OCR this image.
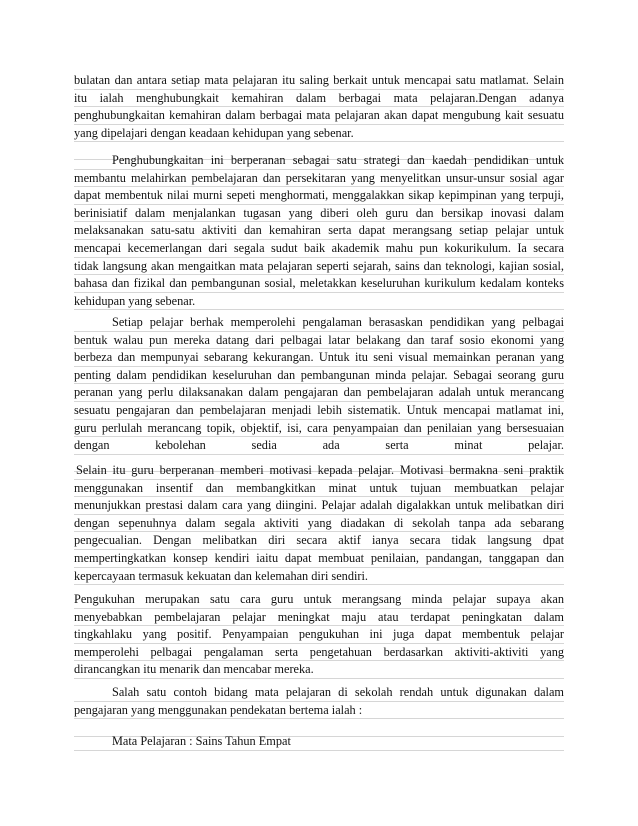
bulatan dan antara setiap mata pelajaran itu saling berkait untuk mencapai satu matlamat. Selain
itu ialah menghubungkait kemahiran dalam berbagai mata pelajaran.Dengan adanya
penghubungkaitan kemahiran dalam berbagai mata pelajaran akan dapat mengubung kait sesuatu
yang dipelajari dengan keadaan kehidupan yang sebenar.
Penghubungkaitan ini berperanan sebagai satu strategi dan kaedah pendidikan untuk
membantu melahirkan pembelajaran dan persekitaran yang menyelitkan unsur-unsur sosial agar
dapat membentuk nilai murni sepeti menghormati, menggalakkan sikap kepimpinan yang terpuji,
berinisiatif dalam menjalankan tugasan yang diberi oleh guru dan bersikap inovasi dalam
melaksanakan satu-satu aktiviti dan kemahiran serta dapat merangsang setiap pelajar untuk
mencapai kecemerlangan dari segala sudut baik akademik mahu pun kokurikulum. Ia secara
tidak langsung akan mengaitkan mata pelajaran seperti sejarah, sains dan teknologi, kajian sosial,
bahasa dan fizikal dan pembangunan sosial, meletakkan keseluruhan kurikulum kedalam konteks
kehidupan yang sebenar.
Setiap pelajar berhak memperolehi pengalaman berasaskan pendidikan yang pelbagai
bentuk walau pun mereka datang dari pelbagai latar belakang dan taraf sosio ekonomi yang
berbeza dan mempunyai sebarang kekurangan. Untuk itu seni visual memainkan peranan yang
penting dalam pendidikan keseluruhan dan pembangunan minda pelajar. Sebagai seorang guru
peranan yang perlu dilaksanakan dalam pengajaran dan pembelajaran adalah untuk merancang
sesuatu pengajaran dan pembelajaran menjadi lebih sistematik. Untuk mencapai matlamat ini,
guru perlulah merancang topik, objektif, isi, cara penyampaian dan penilaian yang bersesuaian
dengan kebolehan sedia ada serta minat pelajar.
Selain itu guru berperanan memberi motivasi kepada pelajar. Motivasi bermakna seni praktik
menggunakan insentif dan membangkitkan minat untuk tujuan membuatkan pelajar
menunjukkan prestasi dalam cara yang diingini. Pelajar adalah digalakkan untuk melibatkan diri
dengan sepenuhnya dalam segala aktiviti yang diadakan di sekolah tanpa ada sebarang
pengecualian. Dengan melibatkan diri secara aktif ianya secara tidak langsung dpat
mempertingkatkan konsep kendiri iaitu dapat membuat penilaian, pandangan, tanggapan dan
kepercayaan termasuk kekuatan dan kelemahan diri sendiri.
Pengukuhan merupakan satu cara guru untuk merangsang minda pelajar supaya akan
menyebabkan pembelajaran pelajar meningkat maju atau terdapat peningkatan dalam
tingkahlaku yang positif. Penyampaian pengukuhan ini juga dapat membentuk pelajar
memperolehi pelbagai pengalaman serta pengetahuan berdasarkan aktiviti-aktiviti yang
dirancangkan itu menarik dan mencabar mereka.
Salah satu contoh bidang mata pelajaran di sekolah rendah untuk digunakan dalam
pengajaran yang menggunakan pendekatan bertema ialah :
Mata Pelajaran : Sains Tahun Empat
